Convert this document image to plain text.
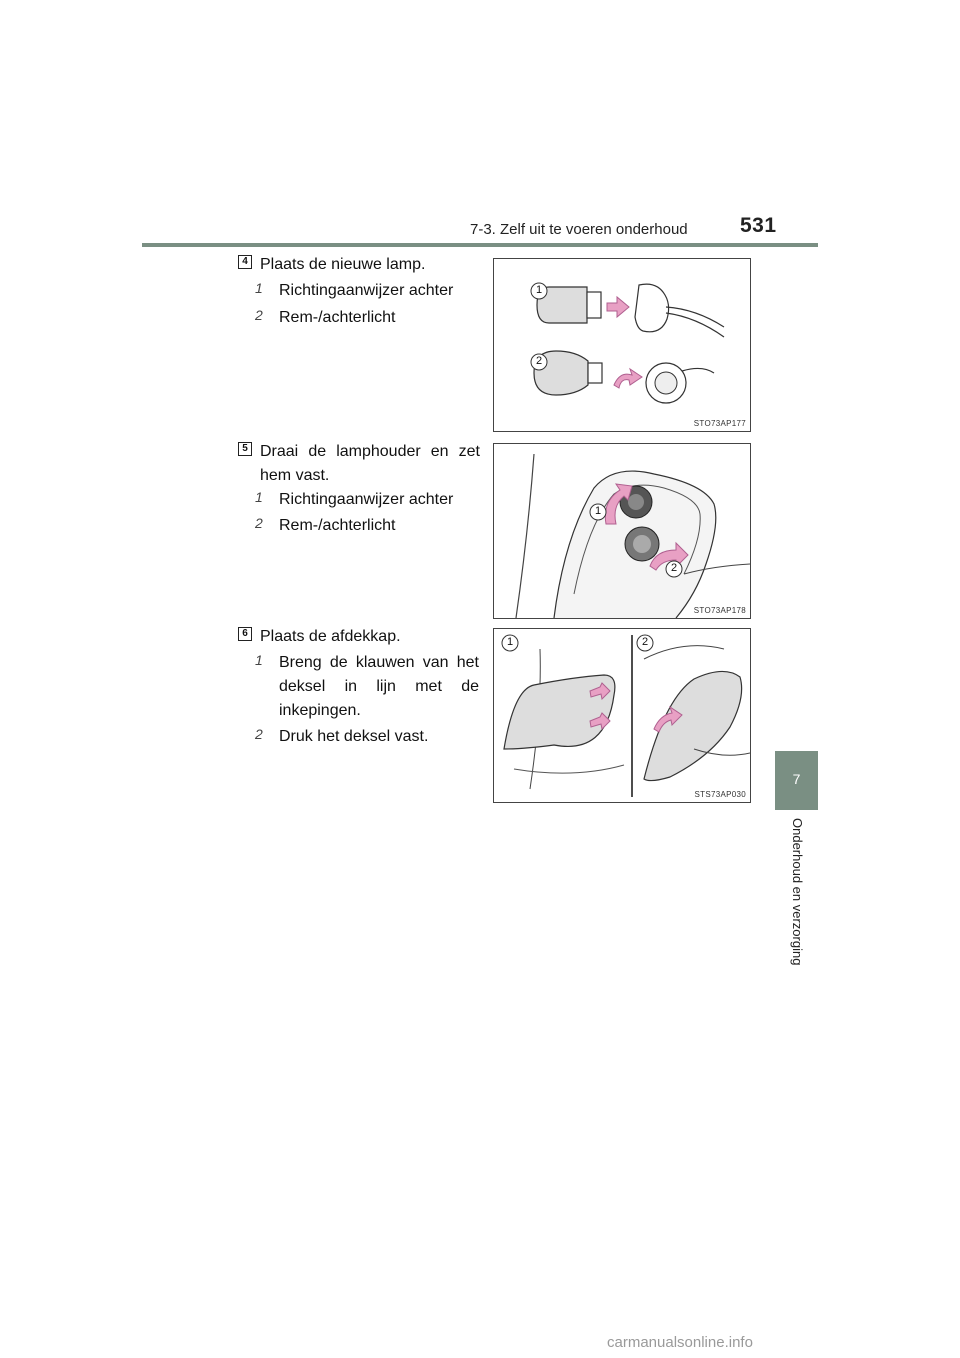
7-3. Zelf uit te voeren onderhoud 531
7
Onderhoud en verzorging
4 Plaats de nieuwe lamp.
1 Richtingaanwijzer achter
2 Rem-/achterlicht
1
2
STO73AP177
5 Draai de lamphouder en zet hem vast.
1 Richtingaanwijzer achter
2 Rem-/achterlicht
1
2
STO73AP178
6 Plaats de afdekkap.
1 Breng de klauwen van het deksel in lijn met de inkepingen.
2 Druk het deksel vast.
1	2
STS73AP030
carmanualsonline.info
